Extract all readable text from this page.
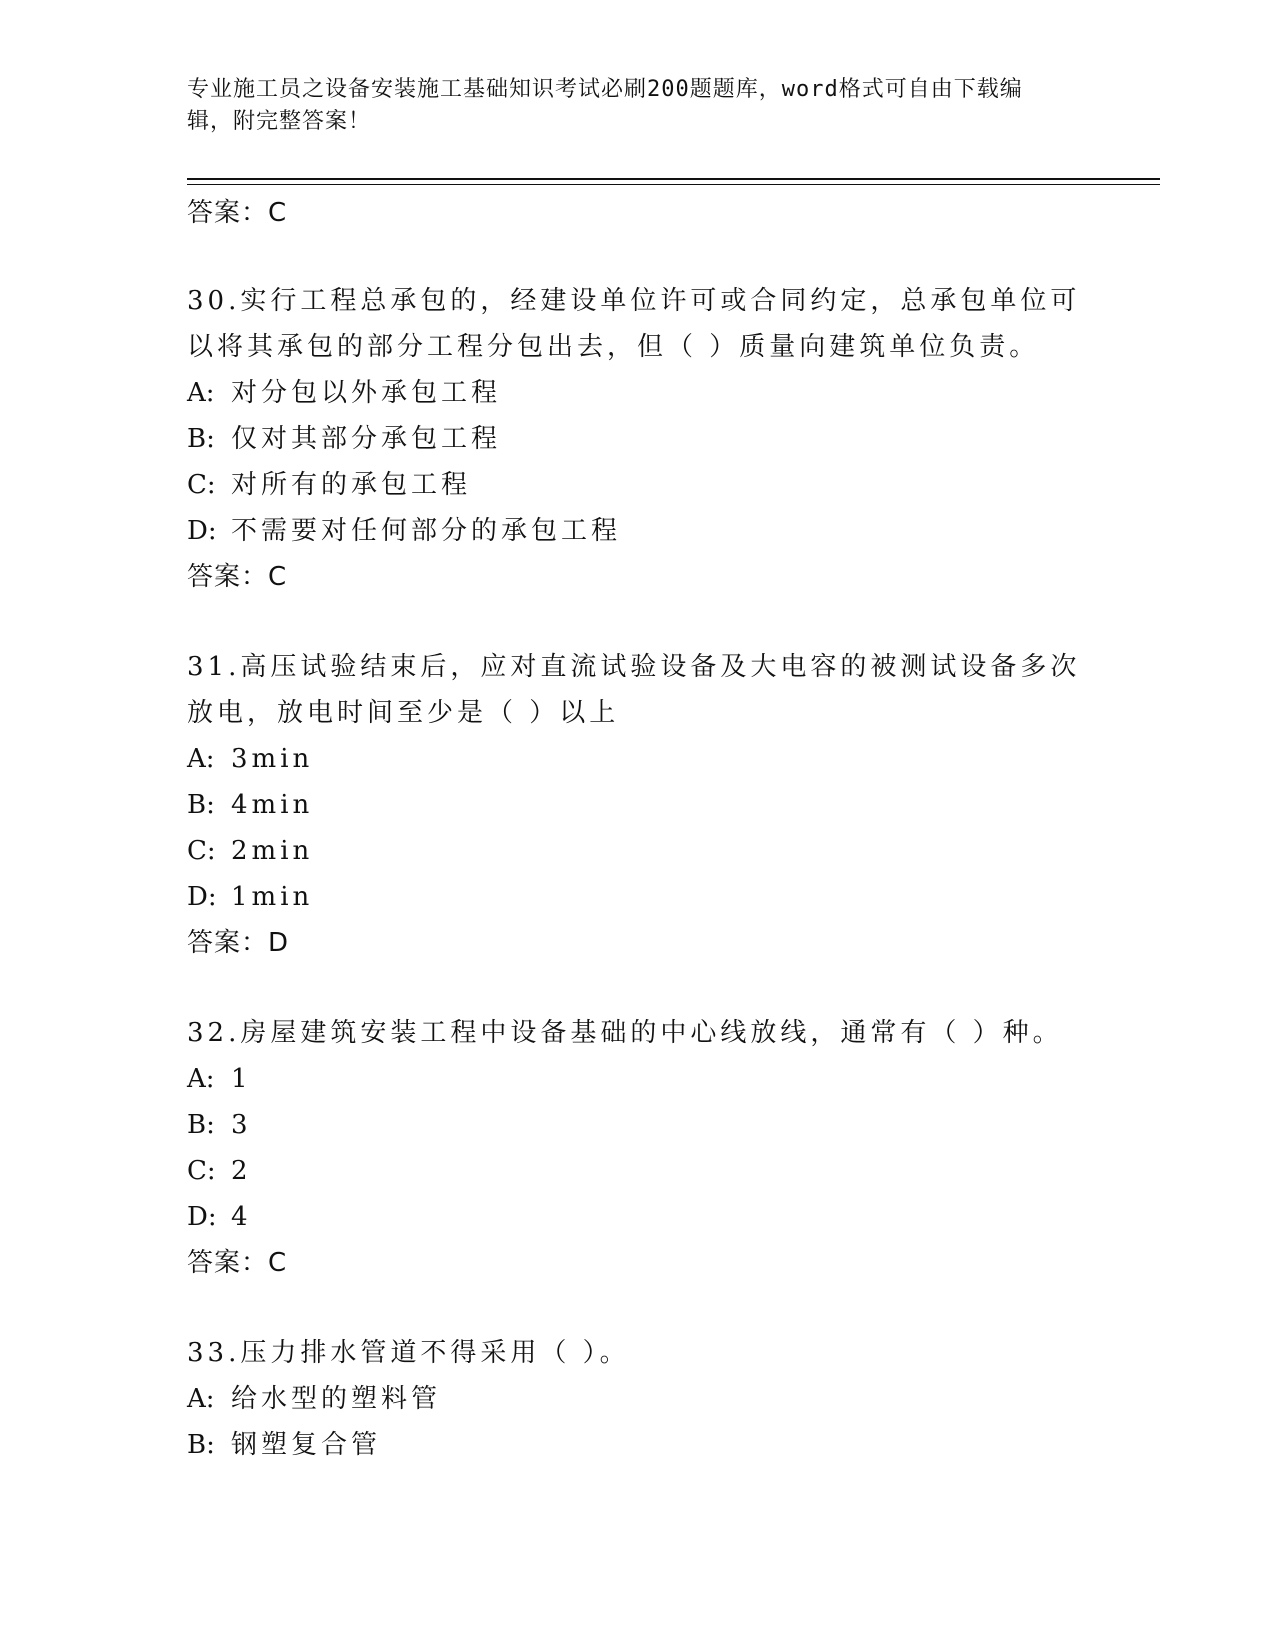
专业施工员之设备安装施工基础知识考试必刷200题题库，word格式可自由下载编辑，附完整答案！
答案：C
30.实行工程总承包的，经建设单位许可或合同约定，总承包单位可以将其承包的部分工程分包出去，但（ ）质量向建筑单位负责。
A: 对分包以外承包工程
B: 仅对其部分承包工程
C: 对所有的承包工程
D: 不需要对任何部分的承包工程
答案：C
31.高压试验结束后，应对直流试验设备及大电容的被测试设备多次放电，放电时间至少是（ ）以上
A: 3min
B: 4min
C: 2min
D: 1min
答案：D
32.房屋建筑安装工程中设备基础的中心线放线，通常有（ ）种。
A: 1
B: 3
C: 2
D: 4
答案：C
33.压力排水管道不得采用（ ）。
A: 给水型的塑料管
B: 钢塑复合管
